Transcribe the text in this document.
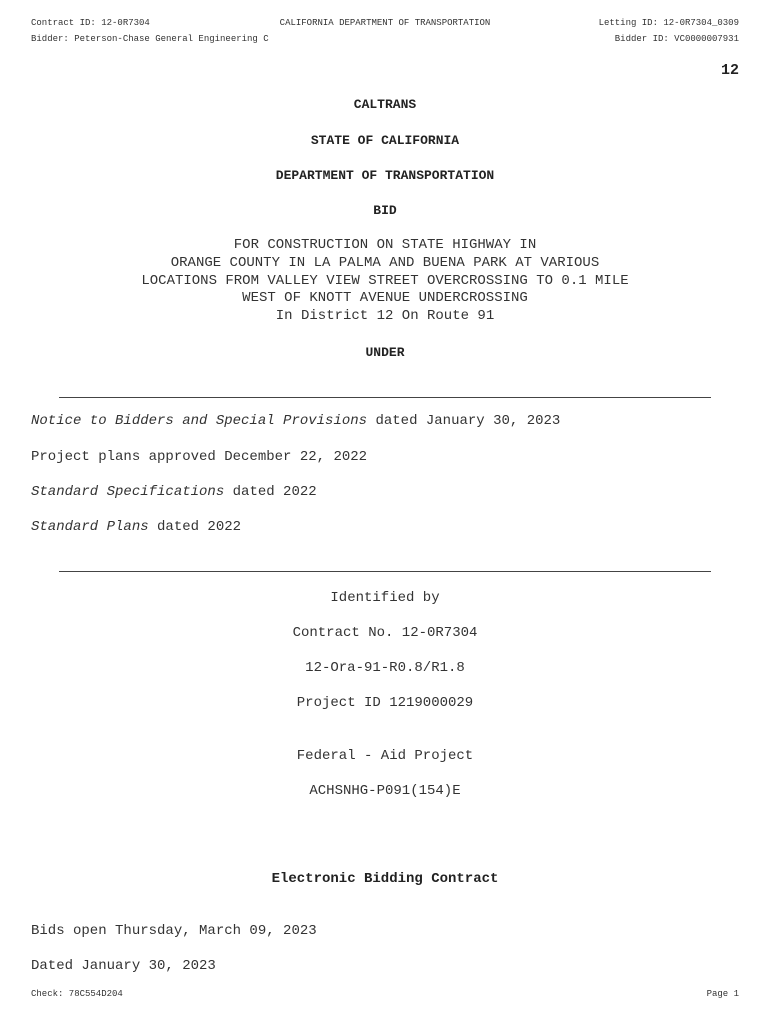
Contract ID: 12-0R7304	CALIFORNIA DEPARTMENT OF TRANSPORTATION	Letting ID: 12-0R7304_0309
Bidder: Peterson-Chase General Engineering C	Bidder ID: VC0000007931
12
CALTRANS
STATE OF CALIFORNIA
DEPARTMENT OF TRANSPORTATION
BID
FOR CONSTRUCTION ON STATE HIGHWAY IN
ORANGE COUNTY IN LA PALMA AND BUENA PARK AT VARIOUS
LOCATIONS FROM VALLEY VIEW STREET OVERCROSSING TO 0.1 MILE
WEST OF KNOTT AVENUE UNDERCROSSING
In District 12 On Route 91
UNDER
Notice to Bidders and Special Provisions dated January 30, 2023
Project plans approved December 22, 2022
Standard Specifications dated 2022
Standard Plans dated 2022
Identified by
Contract No. 12-0R7304
12-Ora-91-R0.8/R1.8
Project ID 1219000029
Federal - Aid Project
ACHSNHG-P091(154)E
Electronic Bidding Contract
Bids open Thursday, March 09, 2023
Dated January 30, 2023
Check: 78C554D204	Page 1
